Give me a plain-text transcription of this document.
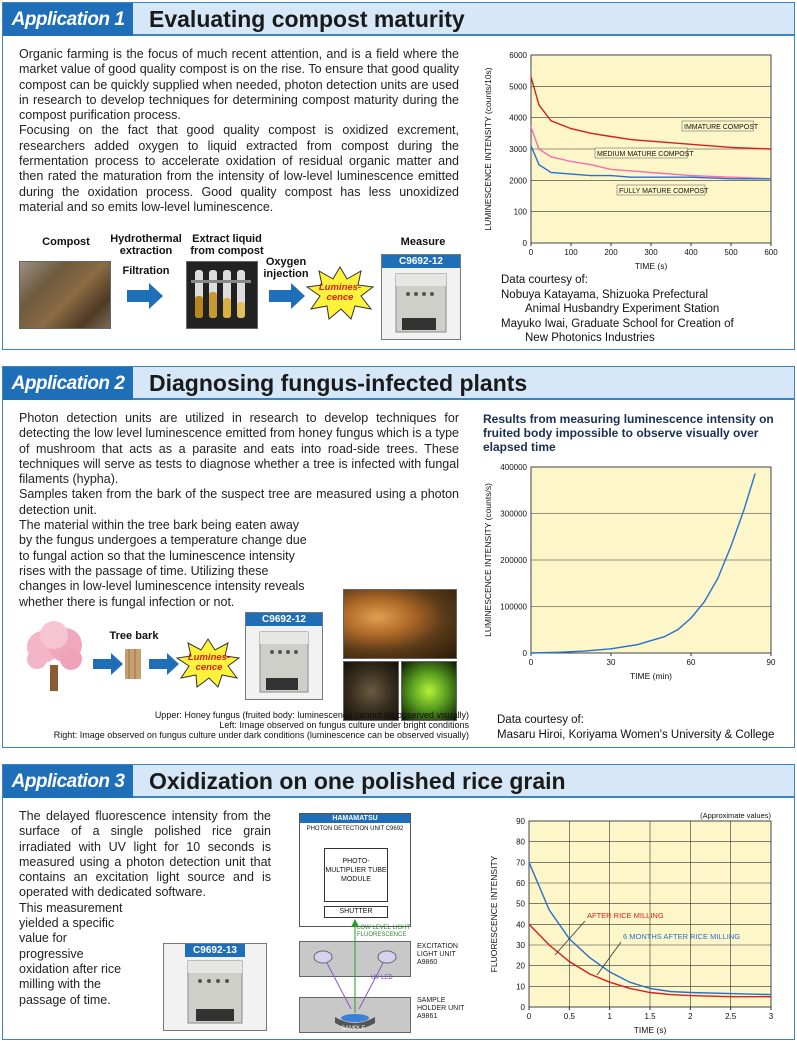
Application 1	Evaluating compost maturity

Organic farming is the focus of much recent attention, and is a field where the market value of good quality compost is on the rise. To ensure that good quality compost can be quickly supplied when needed, photon detection units are used in research to develop techniques for determining compost maturity during the compost purification process.

Focusing on the fact that good quality compost is oxidized excrement, researchers added oxygen to liquid extracted from compost during the fermentation process to accelerate oxidation of residual organic matter and then rated the maturation from the intensity of low-level luminescence emitted during the oxidation process. Good quality compost has less unoxidized material and so emits low-level luminescence.

Compost	Hydrothermal extraction
Filtration
Extract liquid from compost
Oxygen injection
Lumines-cence
Measure
C9692-12
0
100
2000
3000
4000
5000
6000
0	100	200	300	400	500	600
TIME (s)
LUMINESCENCE INTENSITY (counts/10s)	IMMATURE COMPOST
MEDIUM MATURE COMPOST
FULLY MATURE COMPOST
Data courtesy of:
Nobuya Katayama, Shizuoka Prefectural
Animal Husbandry Experiment Station
Mayuko Iwai, Graduate School for Creation of
New Photonics Industries
Application 2	Diagnosing fungus-infected plants

Photon detection units are utilized in research to develop techniques for detecting the low level luminescence emitted from honey fungus which is a type of mushroom that acts as a parasite and eats into road-side trees. These techniques will serve as tests to diagnose whether a tree is infected with fungal filaments (hypha).

Samples taken from the bark of the suspect tree are measured using a photon detection unit.

The material within the tree bark being eaten away by the fungus undergoes a temperature change due to fungal action so that the luminescence intensity rises with the passage of time. Utilizing these changes in low-level luminescence intensity reveals whether there is fungal infection or not.

Tree bark
Lumines-cence
C9692-12
Upper: Honey fungus (fruited body: luminescence cannot be observed visually)
Left: Image observed on fungus culture under bright conditions
Right: Image observed on fungus culture under dark conditions (luminescence can be observed visually)
Results from measuring luminescence intensity on fruited body impossible to observe visually over elapsed time
0
100000
200000
300000
400000
0	30	60	90
TIME (min)
LUMINESCENCE INTENSITY (counts/s)
Data courtesy of:
Masaru Hiroi, Koriyama Women's University & College
Application 3	Oxidization on one polished rice grain

The delayed fluorescence intensity from the surface of a single polished rice grain irradiated with UV light for 10 seconds is measured using a photon detection unit that contains an excitation light source and is operated with dedicated software.

This measurement yielded a specific value for progressive oxidation after rice milling with the passage of time.

C9692-13
HAMAMATSU
PHOTON DETECTION UNIT C9692
PHOTO-MULTIPLIER TUBE MODULE
SHUTTER
LOW LEVEL LIGHT FLUORESCENCE
UV LED
SAMPLE
EXCITATION LIGHT UNIT
A9860
SAMPLE HOLDER UNIT
A9861
0
10
20
30
40
50
60
70
80
90
0	0.5	1	1.5	2	2.5	3
TIME (s)
FLUORESCENCE INTENSITY
(Approximate values)
AFTER RICE MILLING
6 MONTHS AFTER RICE MILLING
